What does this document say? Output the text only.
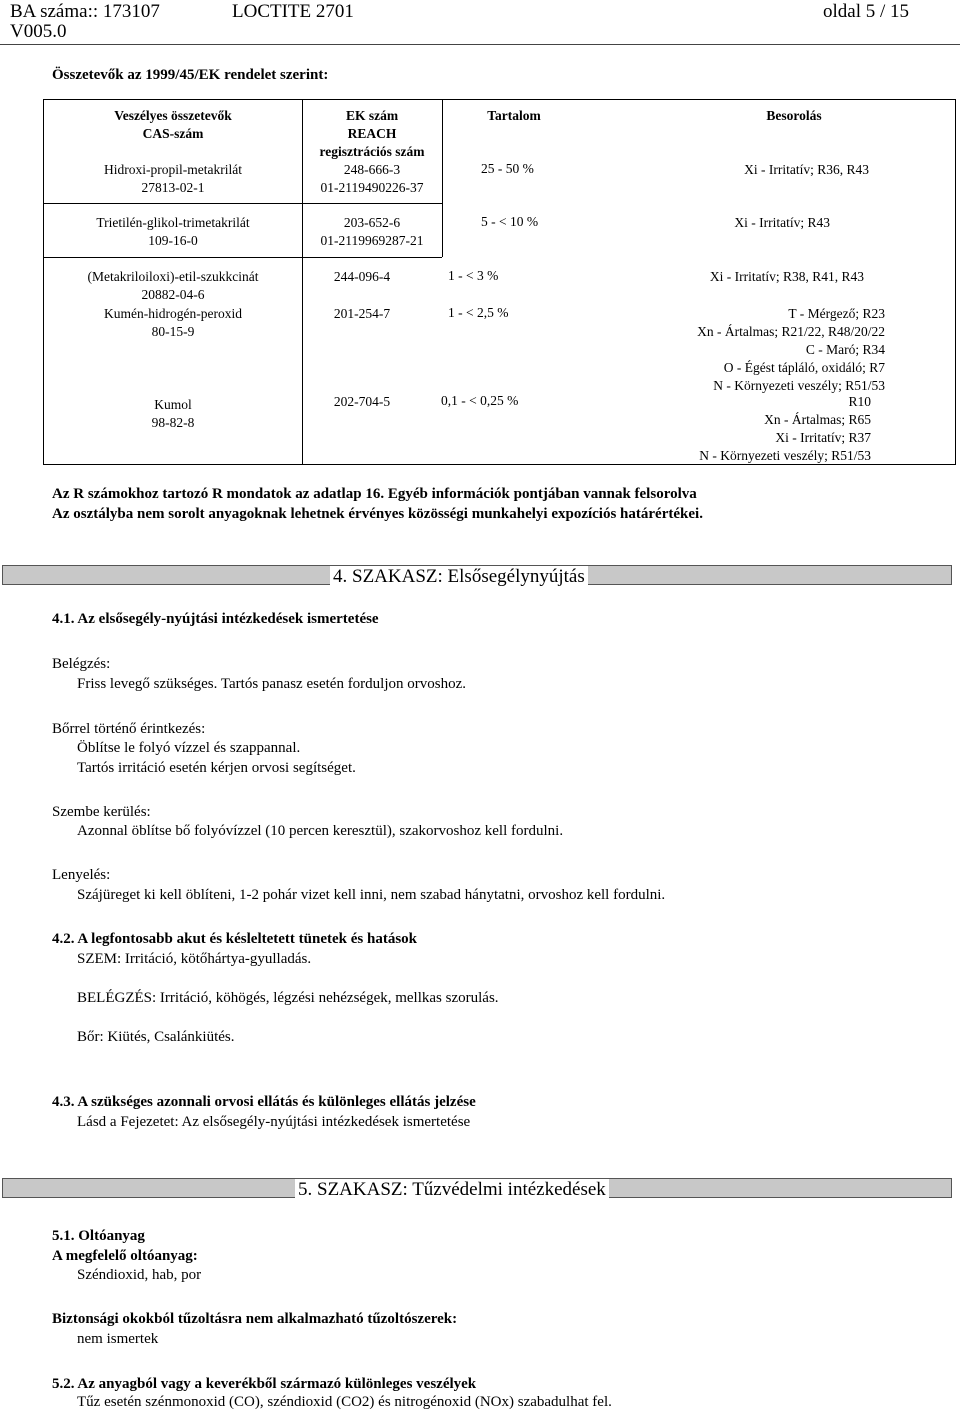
BA száma:: 173107
V005.0
LOCTITE 2701	oldal 5 / 15
Összetevők az 1999/45/EK rendelet szerint:
Veszélyes összetevők
CAS-szám
Hidroxi-propil-metakrilát
27813-02-1
Trietilén-glikol-trimetakrilát
109-16-0
(Metakriloiloxi)-etil-szukkcinát
20882-04-6
Kumén-hidrogén-peroxid
80-15-9
Kumol
98-82-8
EK szám
REACH
regisztrációs szám
248-666-3
01-2119490226-37
203-652-6
01-2119969287-21
244-096-4
201-254-7
202-704-5
Tartalom
25 - 50 %
5 - < 10 %
1 - < 3 %
1 - < 2,5 %
0,1 - < 0,25 %
Besorolás
Xi - Irritatív; R36, R43
Xi - Irritatív; R43
Xi - Irritatív; R38, R41, R43
T - Mérgező; R23
Xn - Ártalmas; R21/22, R48/20/22
C - Maró; R34
O - Égést tápláló, oxidáló; R7
N - Környezeti veszély; R51/53
R10
Xn - Ártalmas; R65
Xi - Irritatív; R37
N - Környezeti veszély; R51/53
Az R számokhoz tartozó R mondatok az adatlap 16. Egyéb információk pontjában vannak felsorolva
Az osztályba nem sorolt anyagoknak lehetnek érvényes közösségi munkahelyi expozíciós határértékei.
4. SZAKASZ: Elsősegélynyújtás
4.1. Az elsősegély-nyújtási intézkedések ismertetése
Belégzés:
Friss levegő szükséges. Tartós panasz esetén forduljon orvoshoz.
Bőrrel történő érintkezés:
Öblítse le folyó vízzel és szappannal.
Tartós irritáció esetén kérjen orvosi segítséget.
Szembe kerülés:
Azonnal öblítse bő folyóvízzel (10 percen keresztül), szakorvoshoz kell fordulni.
Lenyelés:
Szájüreget ki kell öblíteni, 1-2 pohár vizet kell inni, nem szabad hánytatni, orvoshoz kell fordulni.
4.2. A legfontosabb akut és késleltetett tünetek és hatások
SZEM: Irritáció, kötőhártya-gyulladás.
BELÉGZÉS: Irritáció, köhögés, légzési nehézségek, mellkas szorulás.
Bőr: Kiütés, Csalánkiütés.
4.3. A szükséges azonnali orvosi ellátás és különleges ellátás jelzése
Lásd a Fejezetet: Az elsősegély-nyújtási intézkedések ismertetése
5. SZAKASZ: Tűzvédelmi intézkedések
5.1. Oltóanyag
A megfelelő oltóanyag:
Széndioxid, hab, por
Biztonsági okokból tűzoltásra nem alkalmazható tűzoltószerek:
nem ismertek
5.2. Az anyagból vagy a keverékből származó különleges veszélyek
Tűz esetén szénmonoxid (CO), széndioxid (CO2) és nitrogénoxid (NOx) szabadulhat fel.
